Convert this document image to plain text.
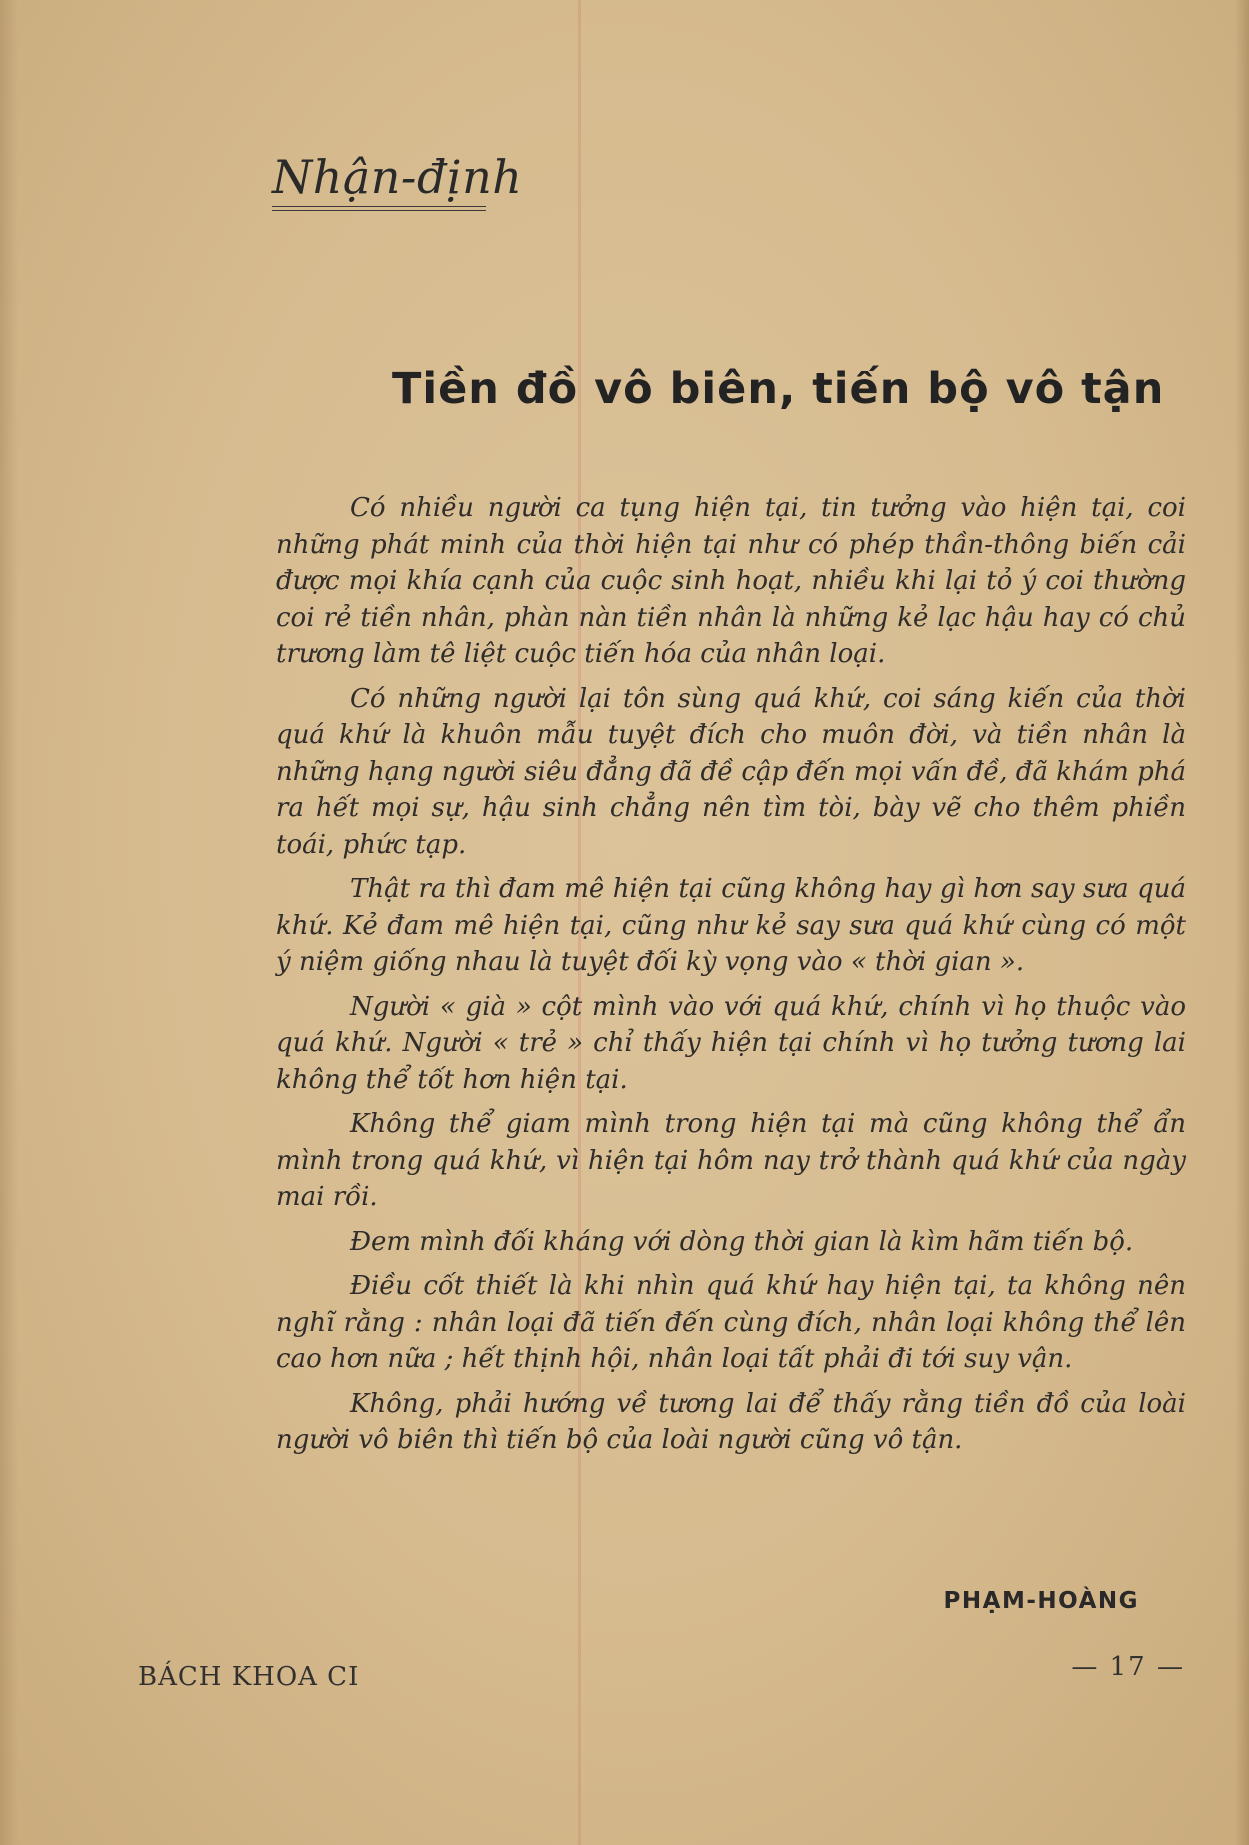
Nhận-định
Tiền đồ vô biên, tiến bộ vô tận

Có nhiều người ca tụng hiện tại, tin tưởng vào hiện tại, coi những phát minh của thời hiện tại như có phép thần-thông biến cải được mọi khía cạnh của cuộc sinh hoạt, nhiều khi lại tỏ ý coi thường coi rẻ tiền nhân, phàn nàn tiền nhân là những kẻ lạc hậu hay có chủ trương làm tê liệt cuộc tiến hóa của nhân loại.

Có những người lại tôn sùng quá khứ, coi sáng kiến của thời quá khứ là khuôn mẫu tuyệt đích cho muôn đời, và tiền nhân là những hạng người siêu đẳng đã đề cập đến mọi vấn đề, đã khám phá ra hết mọi sự, hậu sinh chẳng nên tìm tòi, bày vẽ cho thêm phiền toái, phức tạp.

Thật ra thì đam mê hiện tại cũng không hay gì hơn say sưa quá khứ. Kẻ đam mê hiện tại, cũng như kẻ say sưa quá khứ cùng có một ý niệm giống nhau là tuyệt đối kỳ vọng vào « thời gian ».

Người « già » cột mình vào với quá khứ, chính vì họ thuộc vào quá khứ. Người « trẻ » chỉ thấy hiện tại chính vì họ tưởng tương lai không thể tốt hơn hiện tại.

Không thể giam mình trong hiện tại mà cũng không thể ẩn mình trong quá khứ, vì hiện tại hôm nay trở thành quá khứ của ngày mai rồi.

Đem mình đối kháng với dòng thời gian là kìm hãm tiến bộ.

Điều cốt thiết là khi nhìn quá khứ hay hiện tại, ta không nên nghĩ rằng : nhân loại đã tiến đến cùng đích, nhân loại không thể lên cao hơn nữa ; hết thịnh hội, nhân loại tất phải đi tới suy vận.

Không, phải hướng về tương lai để thấy rằng tiền đồ của loài người vô biên thì tiến bộ của loài người cũng vô tận.

PHẠM-HOÀNG
BÁCH KHOA CI	— 17 —
